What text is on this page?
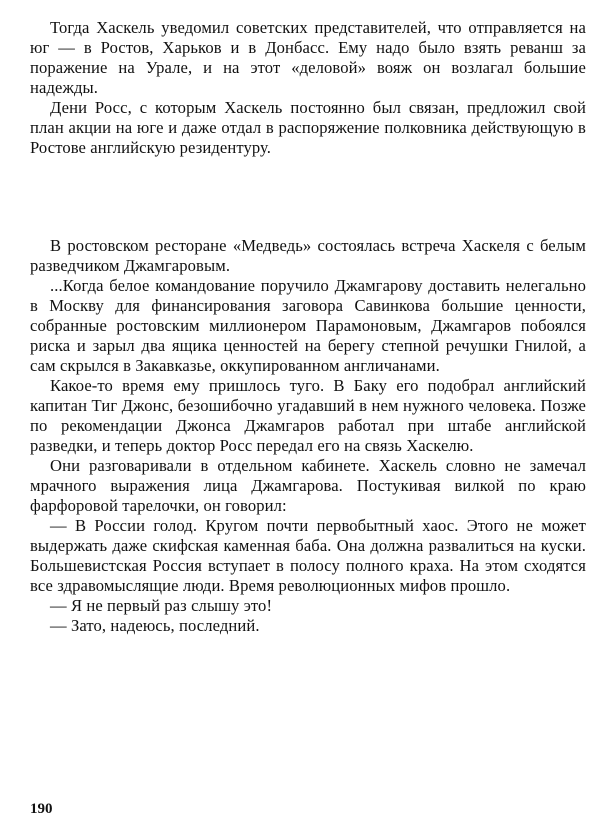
Тогда Хаскель уведомил советских представителей, что отправляется на юг — в Ростов, Харьков и в Донбасс. Ему надо было взять реванш за поражение на Урале, и на этот «деловой» вояж он возлагал большие надежды.

Дени Росс, с которым Хаскель постоянно был связан, предложил свой план акции на юге и даже отдал в распоряжение полковника действующую в Ростове английскую резидентуру.

В ростовском ресторане «Медведь» состоялась встреча Хаскеля с белым разведчиком Джамгаровым.

...Когда белое командование поручило Джамгарову доставить нелегально в Москву для финансирования заговора Савинкова большие ценности, собранные ростовским миллионером Парамоновым, Джамгаров побоялся риска и зарыл два ящика ценностей на берегу степной речушки Гнилой, а сам скрылся в Закавказье, оккупированном англичанами.

Какое-то время ему пришлось туго. В Баку его подобрал английский капитан Тиг Джонс, безошибочно угадавший в нем нужного человека. Позже по рекомендации Джонса Джамгаров работал при штабе английской разведки, и теперь доктор Росс передал его на связь Хаскелю.

Они разговаривали в отдельном кабинете. Хаскель словно не замечал мрачного выражения лица Джамгарова. Постукивая вилкой по краю фарфоровой тарелочки, он говорил:

— В России голод. Кругом почти первобытный хаос. Этого не может выдержать даже скифская каменная баба. Она должна развалиться на куски. Большевистская Россия вступает в полосу полного краха. На этом сходятся все здравомыслящие люди. Время революционных мифов прошло.

— Я не первый раз слышу это!

— Зато, надеюсь, последний.

190
